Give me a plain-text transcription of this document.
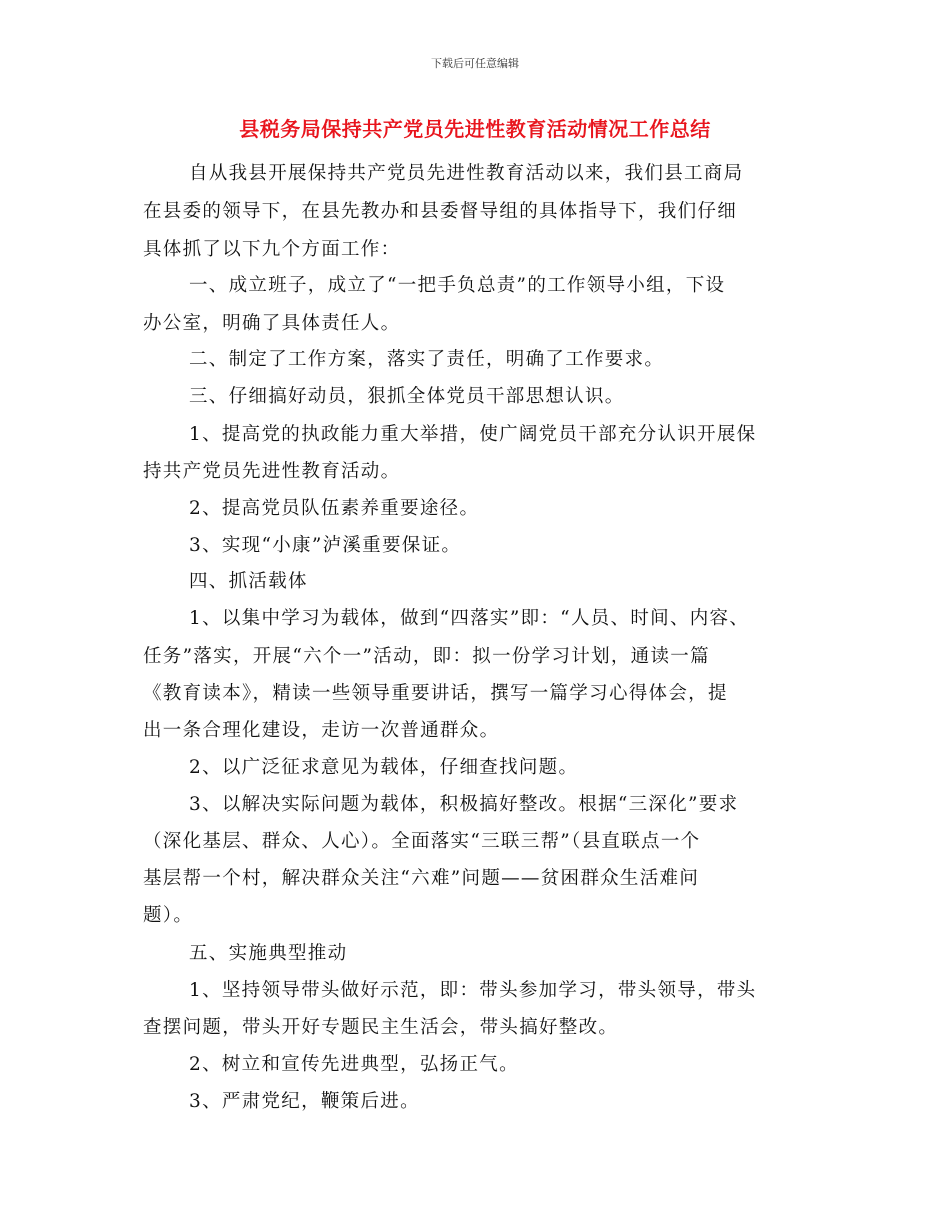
下载后可任意编辑
县税务局保持共产党员先进性教育活动情况工作总结
自从我县开展保持共产党员先进性教育活动以来，我们县工商局
在县委的领导下，在县先教办和县委督导组的具体指导下，我们仔细
具体抓了以下九个方面工作：
一、成立班子，成立了“一把手负总责”的工作领导小组，下设
办公室，明确了具体责任人。
二、制定了工作方案，落实了责任，明确了工作要求。
三、仔细搞好动员，狠抓全体党员干部思想认识。
1、提高党的执政能力重大举措，使广阔党员干部充分认识开展保
持共产党员先进性教育活动。
2、提高党员队伍素养重要途径。
3、实现“小康”泸溪重要保证。
四、抓活载体
1、以集中学习为载体，做到“四落实”即：“人员、时间、内容、
任务”落实，开展“六个一”活动，即：拟一份学习计划，通读一篇
《教育读本》，精读一些领导重要讲话，撰写一篇学习心得体会，提
出一条合理化建设，走访一次普通群众。
2、以广泛征求意见为载体，仔细查找问题。
3、以解决实际问题为载体，积极搞好整改。根据“三深化”要求
（深化基层、群众、人心）。全面落实“三联三帮”（县直联点一个
基层帮一个村，解决群众关注“六难”问题——贫困群众生活难问
题）。
五、实施典型推动
1、坚持领导带头做好示范，即：带头参加学习，带头领导，带头
查摆问题，带头开好专题民主生活会，带头搞好整改。
2、树立和宣传先进典型，弘扬正气。
3、严肃党纪，鞭策后进。
